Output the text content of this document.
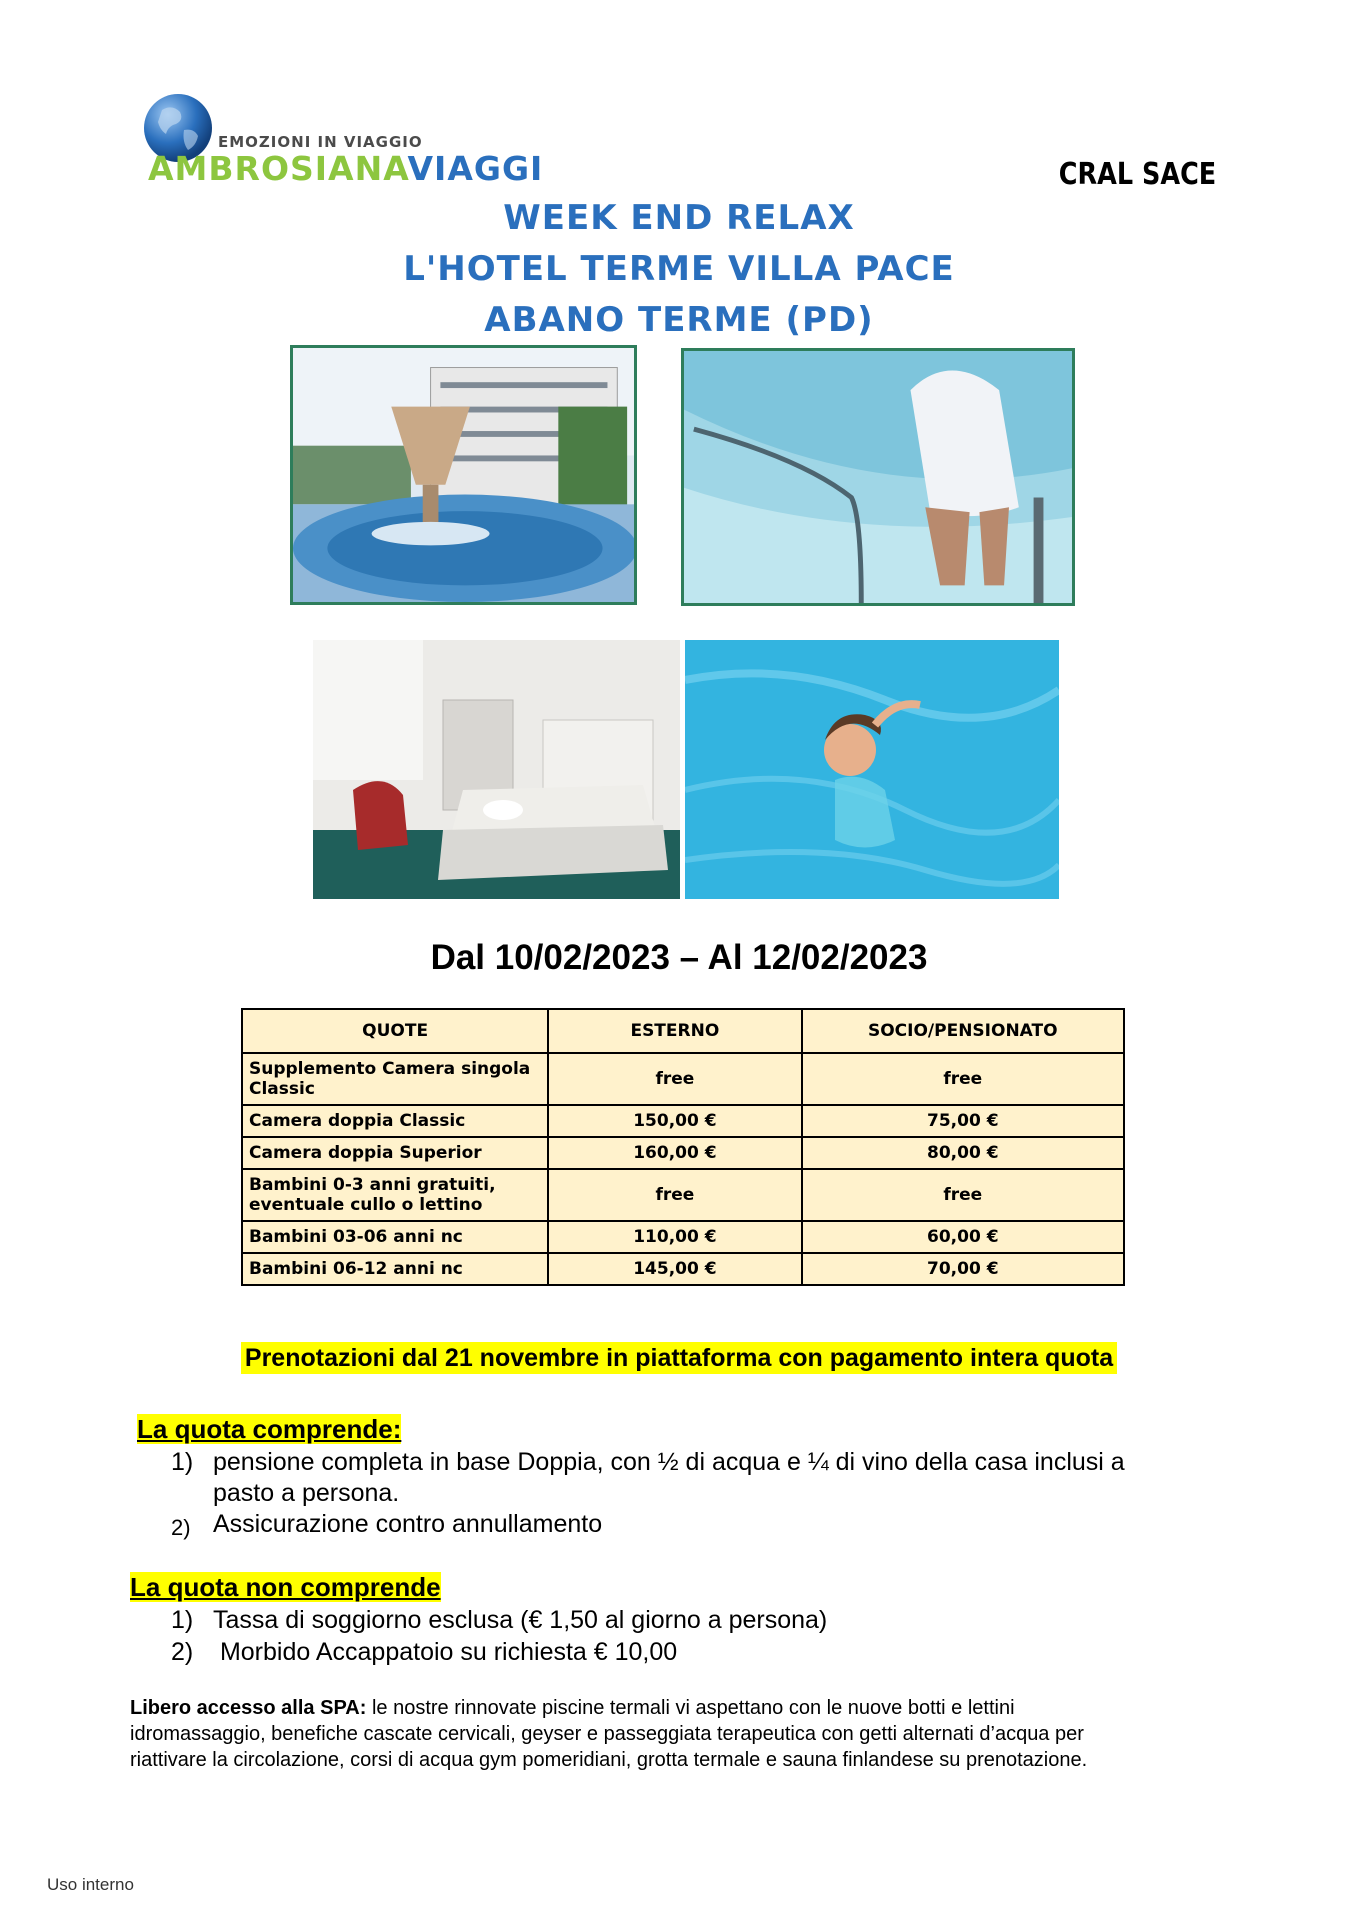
EMOZIONI IN VIAGGIO
AMBROSIANAVIAGGI	CRAL SACE
WEEK END RELAX
L'HOTEL TERME VILLA PACE
ABANO TERME (PD)
Dal 10/02/2023 – Al 12/02/2023
QUOTE	ESTERNO	SOCIO/PENSIONATO
Supplemento Camera singola Classic	free	free
Camera doppia Classic	150,00 €	75,00 €
Camera doppia Superior	160,00 €	80,00 €
Bambini 0-3 anni gratuiti, eventuale cullo o lettino	free	free
Bambini 03-06 anni nc	110,00 €	60,00 €
Bambini 06-12 anni nc	145,00 €	70,00 €
Prenotazioni dal 21 novembre in piattaforma con pagamento intera quota
La quota comprende:
1) pensione completa in base Doppia, con ½ di acqua e ¼ di vino della casa inclusi a
pasto a persona.
2) Assicurazione contro annullamento
La quota non comprende
1) Tassa di soggiorno esclusa (€ 1,50 al giorno a persona)
2) Morbido Accappatoio su richiesta € 10,00
Libero accesso alla SPA: le nostre rinnovate piscine termali vi aspettano con le nuove botti e lettini
idromassaggio, benefiche cascate cervicali, geyser e passeggiata terapeutica con getti alternati d’acqua per
riattivare la circolazione, corsi di acqua gym pomeridiani, grotta termale e sauna finlandese su prenotazione.
Uso interno
